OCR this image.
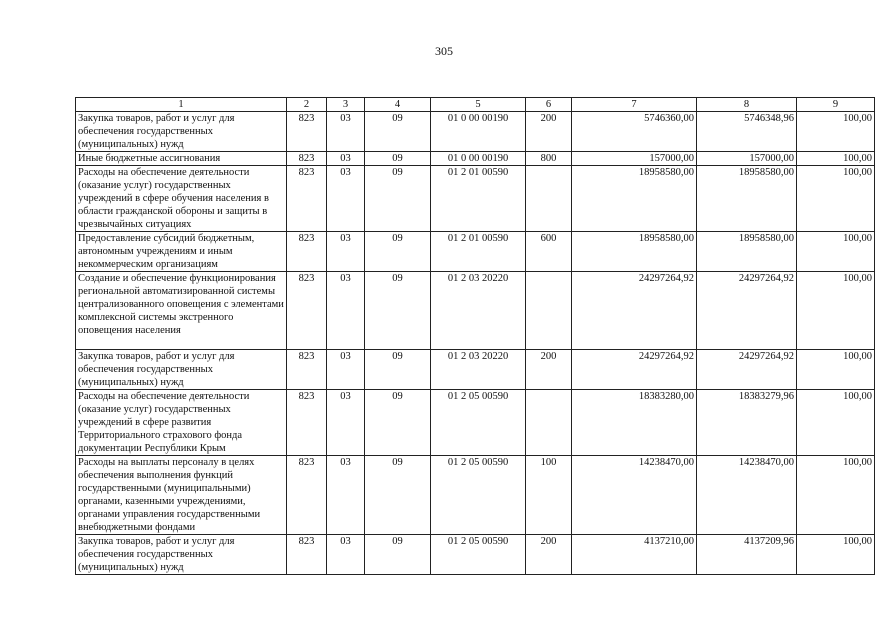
305
1	2	3	4	5	6	7	8	9
Закупка товаров, работ и услуг для обеспечения государственных (муниципальных) нужд	823	03	09	01 0 00 00190	200	5746360,00	5746348,96	100,00
Иные бюджетные ассигнования	823	03	09	01 0 00 00190	800	157000,00	157000,00	100,00
Расходы на обеспечение деятельности (оказание услуг) государственных учреждений в сфере обучения населения в области гражданской обороны и защиты в чрезвычайных ситуациях	823	03	09	01 2 01 00590		18958580,00	18958580,00	100,00
Предоставление субсидий бюджетным, автономным учреждениям и иным некоммерческим организациям	823	03	09	01 2 01 00590	600	18958580,00	18958580,00	100,00
Создание и обеспечение функционирования региональной автоматизированной системы централизованного оповещения с элементами комплексной системы экстренного оповещения населения	823	03	09	01 2 03 20220		24297264,92	24297264,92	100,00
Закупка товаров, работ и услуг для обеспечения государственных (муниципальных) нужд	823	03	09	01 2 03 20220	200	24297264,92	24297264,92	100,00
Расходы на обеспечение деятельности (оказание услуг) государственных учреждений в сфере развития Территориального страхового фонда документации Республики Крым	823	03	09	01 2 05 00590		18383280,00	18383279,96	100,00
Расходы на выплаты персоналу в целях обеспечения выполнения функций государственными (муниципальными) органами, казенными учреждениями, органами управления государственными внебюджетными фондами	823	03	09	01 2 05 00590	100	14238470,00	14238470,00	100,00
Закупка товаров, работ и услуг для обеспечения государственных (муниципальных) нужд	823	03	09	01 2 05 00590	200	4137210,00	4137209,96	100,00
